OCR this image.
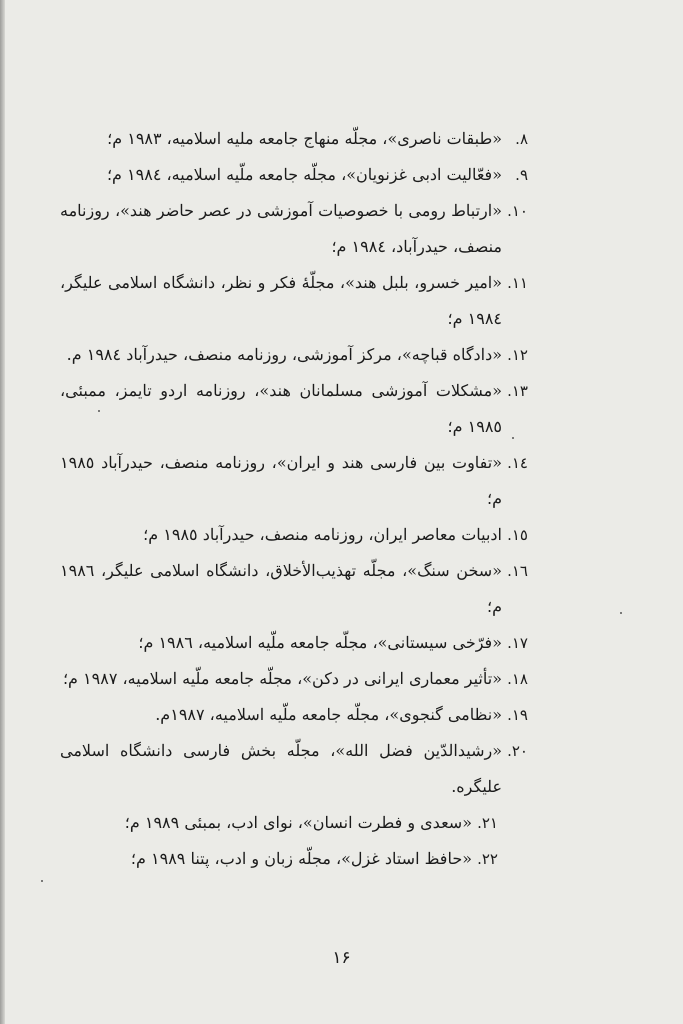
٨.
«طبقات ناصری»، مجلّه منهاج جامعه ملیه اسلامیه، ۱۹۸۳ م؛
٩.
«فعّالیت ادبی غزنویان»، مجلّه جامعه ملّیه اسلامیه، ۱۹۸٤ م؛
١٠.
«ارتباط رومی با خصوصیات آموزشی در عصر حاضر هند»، روزنامه منصف، حیدرآباد، ۱۹۸٤ م؛
١١.
«امیر خسرو، بلبل هند»، مجلّهٔ فکر و نظر، دانشگاه اسلامی علیگر، ۱۹۸٤ م؛
١٢.
«دادگاه قباچه»، مرکز آموزشی، روزنامه منصف، حیدرآباد ۱۹۸٤ م.
١٣.
«مشکلات آموزشی مسلمانان هند»، روزنامه اردو تایمز، ممبئی، ۱۹۸٥ م؛
١٤.
«تفاوت بین فارسی هند و ایران»، روزنامه منصف، حیدرآباد ۱۹۸٥ م؛
١٥.
ادبیات معاصر ایران، روزنامه منصف، حیدرآباد ۱۹۸٥ م؛
١٦.
«سخن سنگ»، مجلّه تهذیب‌الأخلاق، دانشگاه اسلامی علیگر، ۱۹۸٦ م؛
١٧.
«فرّخی سیستانی»، مجلّه جامعه ملّیه اسلامیه، ۱۹۸٦ م؛
١٨.
«تأثیر معماری ایرانی در دکن»، مجلّه جامعه ملّیه اسلامیه، ۱۹۸۷ م؛
١٩.
«نظامی گنجوی»، مجلّه جامعه ملّیه اسلامیه، ۱۹۸۷م.
٢٠.
«رشیدالدّین فضل الله»، مجلّه بخش فارسی دانشگاه اسلامی علیگره.
٢١.
«سعدی و فطرت انسان»، نوای ادب، بمبئی ۱۹۸۹ م؛
٢٢.
«حافظ استاد غزل»، مجلّه زبان و ادب، پتنا ۱۹۸۹ م؛
۱۶
